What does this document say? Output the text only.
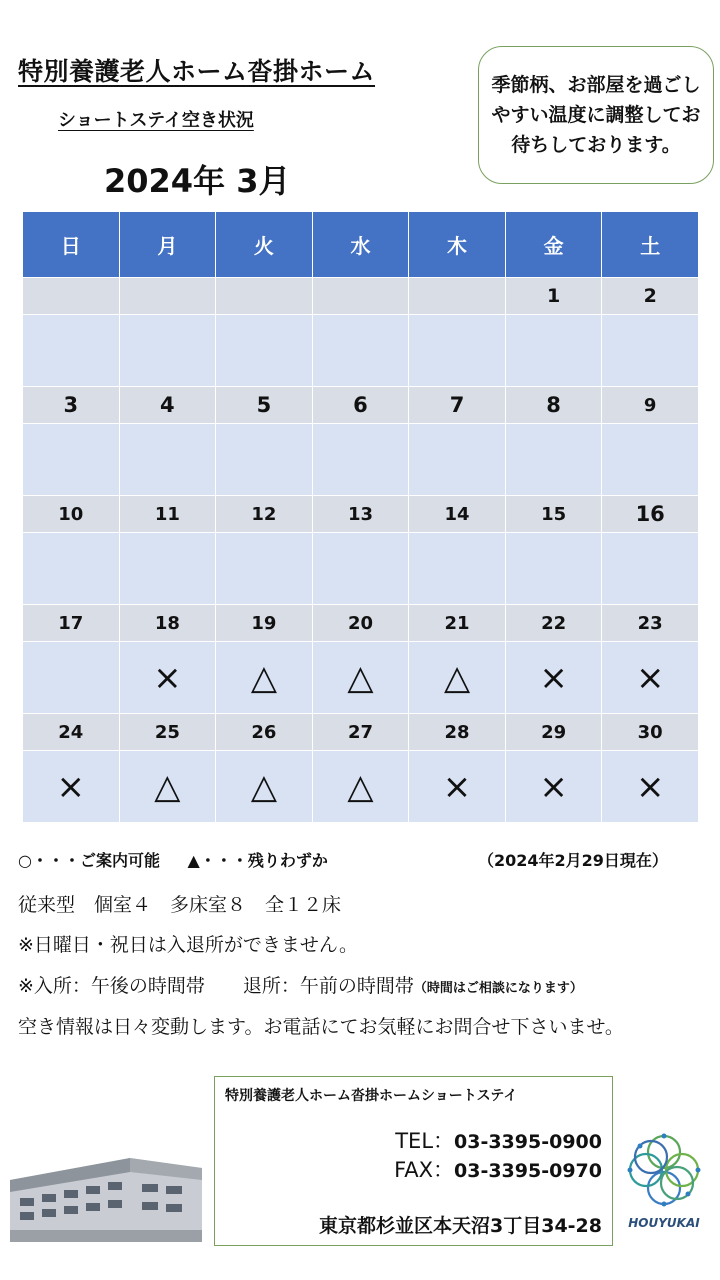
特別養護老人ホーム沓掛ホーム
ショートステイ空き状況
2024年 3月
季節柄、お部屋を過ごしやすい温度に調整してお待ちしております。
日	月	火	水	木	金	土
					1	2

3	4	5	6	7	8	9

10	11	12	13	14	15	16

17	18	19	20	21	22	23
	×	△	△	△	×	×
24	25	26	27	28	29	30
×	△	△	△	×	×	×
○・・・ご案内可能 ▲・・・残りわずか	（2024年2月29日現在）
従来型　個室４　多床室８　全１２床
※日曜日・祝日は入退所ができません。
※入所：午後の時間帯　　退所：午前の時間帯（時間はご相談になります）
空き情報は日々変動します。お電話にてお気軽にお問合せ下さいませ。
特別養護老人ホーム沓掛ホームショートステイ
TEL：03-3395-0900
FAX：03-3395-0970
東京都杉並区本天沼3丁目34-28	HOUYUKAI
